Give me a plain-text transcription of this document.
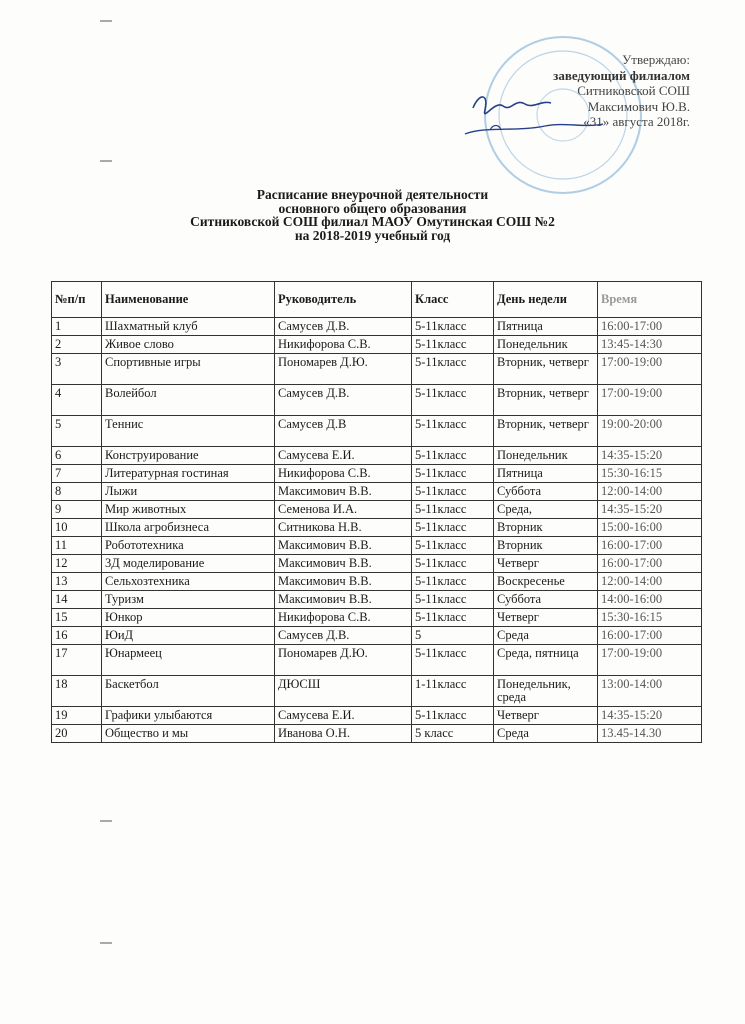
Утверждаю:
заведующий филиалом
Ситниковской СОШ
Максимович Ю.В.
«31» августа 2018г.
Расписание внеурочной деятельности
основного общего образования
Ситниковской СОШ филиал МАОУ Омутинская СОШ №2
на 2018-2019 учебный год
№п/п	Наименование	Руководитель	Класс	День недели	Время
1	Шахматный клуб	Самусев Д.В.	5-11класс	Пятница	16:00-17:00
2	Живое слово	Никифорова С.В.	5-11класс	Понедельник	13:45-14:30
3	Спортивные игры	Пономарев Д.Ю.	5-11класс	Вторник, четверг	17:00-19:00
4	Волейбол	Самусев Д.В.	5-11класс	Вторник, четверг	17:00-19:00
5	Теннис	Самусев Д.В	5-11класс	Вторник, четверг	19:00-20:00
6	Конструирование	Самусева Е.И.	5-11класс	Понедельник	14:35-15:20
7	Литературная гостиная	Никифорова С.В.	5-11класс	Пятница	15:30-16:15
8	Лыжи	Максимович В.В.	5-11класс	Суббота	12:00-14:00
9	Мир животных	Семенова И.А.	5-11класс	Среда,	14:35-15:20
10	Школа агробизнеса	Ситникова Н.В.	5-11класс	Вторник	15:00-16:00
11	Робототехника	Максимович В.В.	5-11класс	Вторник	16:00-17:00
12	3Д моделирование	Максимович В.В.	5-11класс	Четверг	16:00-17:00
13	Сельхозтехника	Максимович В.В.	5-11класс	Воскресенье	12:00-14:00
14	Туризм	Максимович В.В.	5-11класс	Суббота	14:00-16:00
15	Юнкор	Никифорова С.В.	5-11класс	Четверг	15:30-16:15
16	ЮиД	Самусев Д.В.	5	Среда	16:00-17:00
17	Юнармеец	Пономарев Д.Ю.	5-11класс	Среда, пятница	17:00-19:00
18	Баскетбол	ДЮСШ	1-11класс	Понедельник, среда	13:00-14:00
19	Графики улыбаются	Самусева Е.И.	5-11класс	Четверг	14:35-15:20
20	Общество и мы	Иванова О.Н.	5 класс	Среда	13.45-14.30
